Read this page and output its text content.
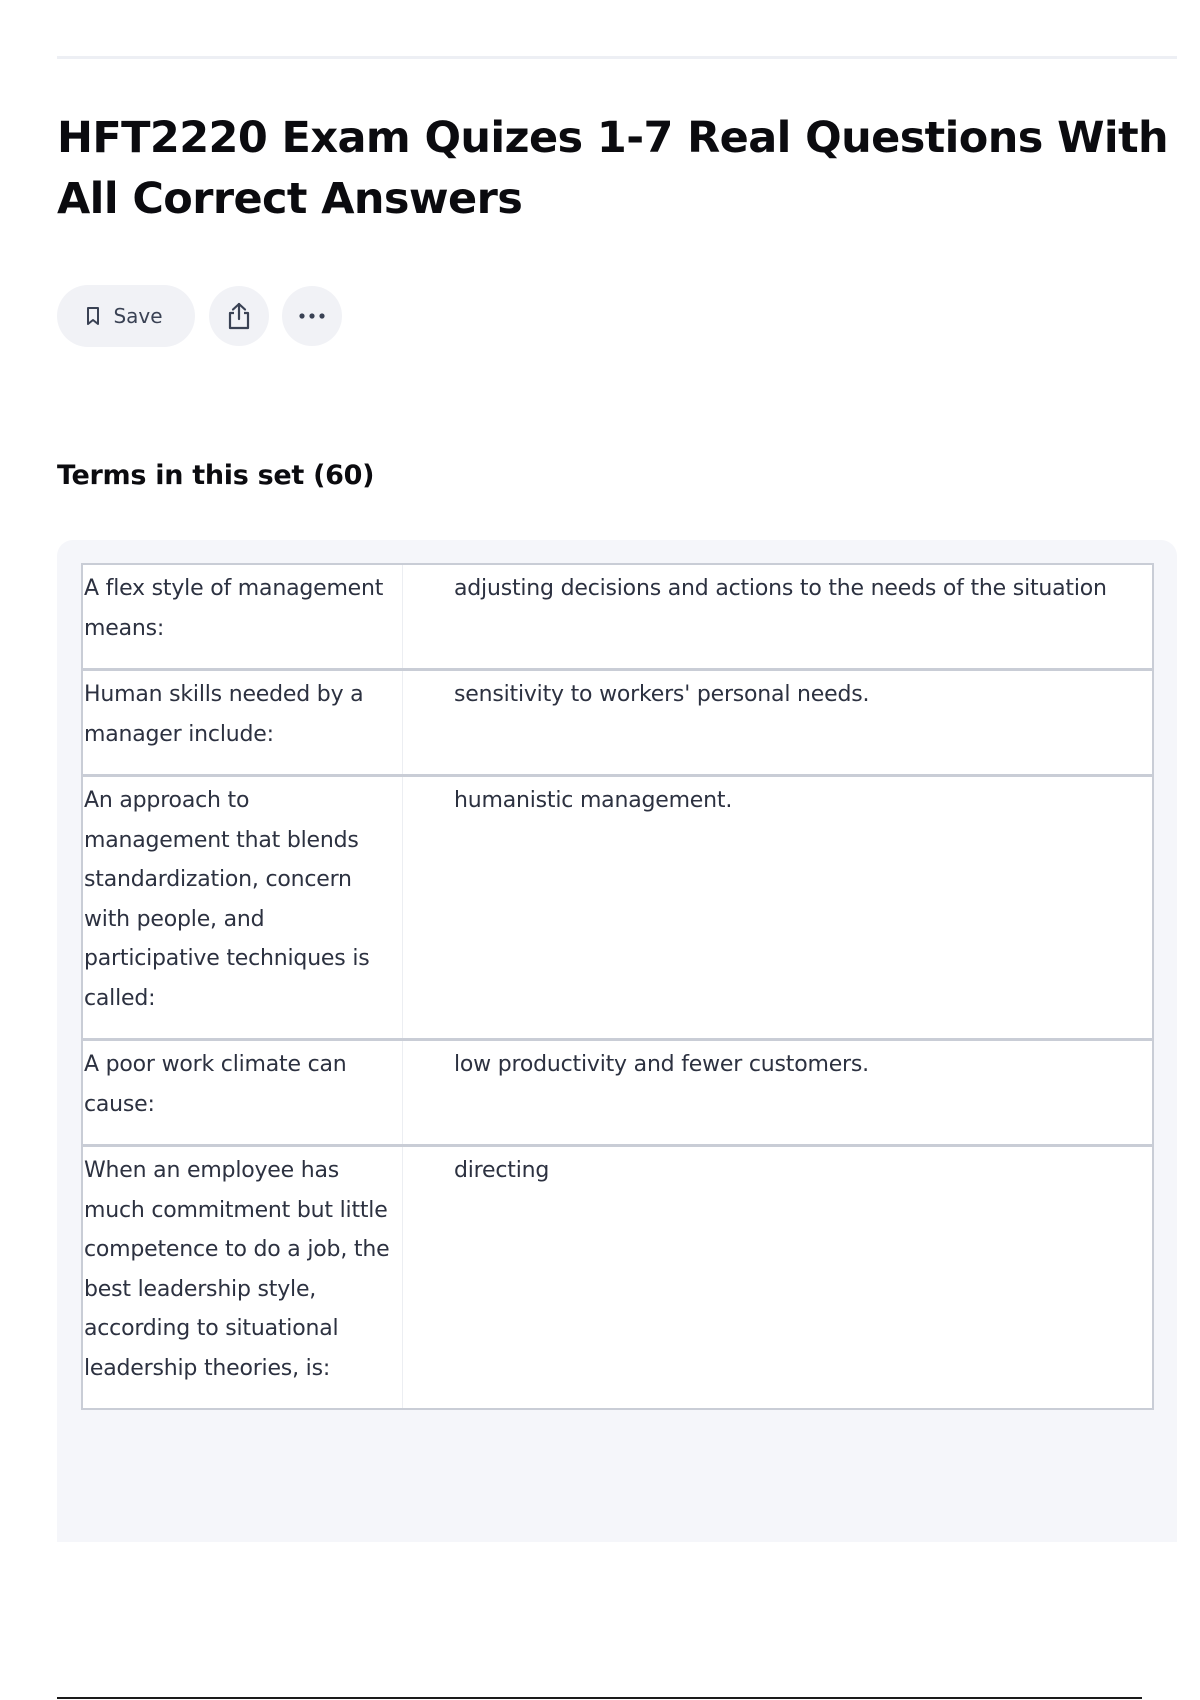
HFT2220 Exam Quizes 1-7 Real Questions With All Correct Answers
Save
Terms in this set (60)
A flex style of management means:
adjusting decisions and actions to the needs of the situation
Human skills needed by a manager include:
sensitivity to workers' personal needs.
An approach to management that blends standardization, concern with people, and participative techniques is called:
humanistic management.
A poor work climate can cause:
low productivity and fewer customers.
When an employee has much commitment but little competence to do a job, the best leadership style, according to situational leadership theories, is:
directing
